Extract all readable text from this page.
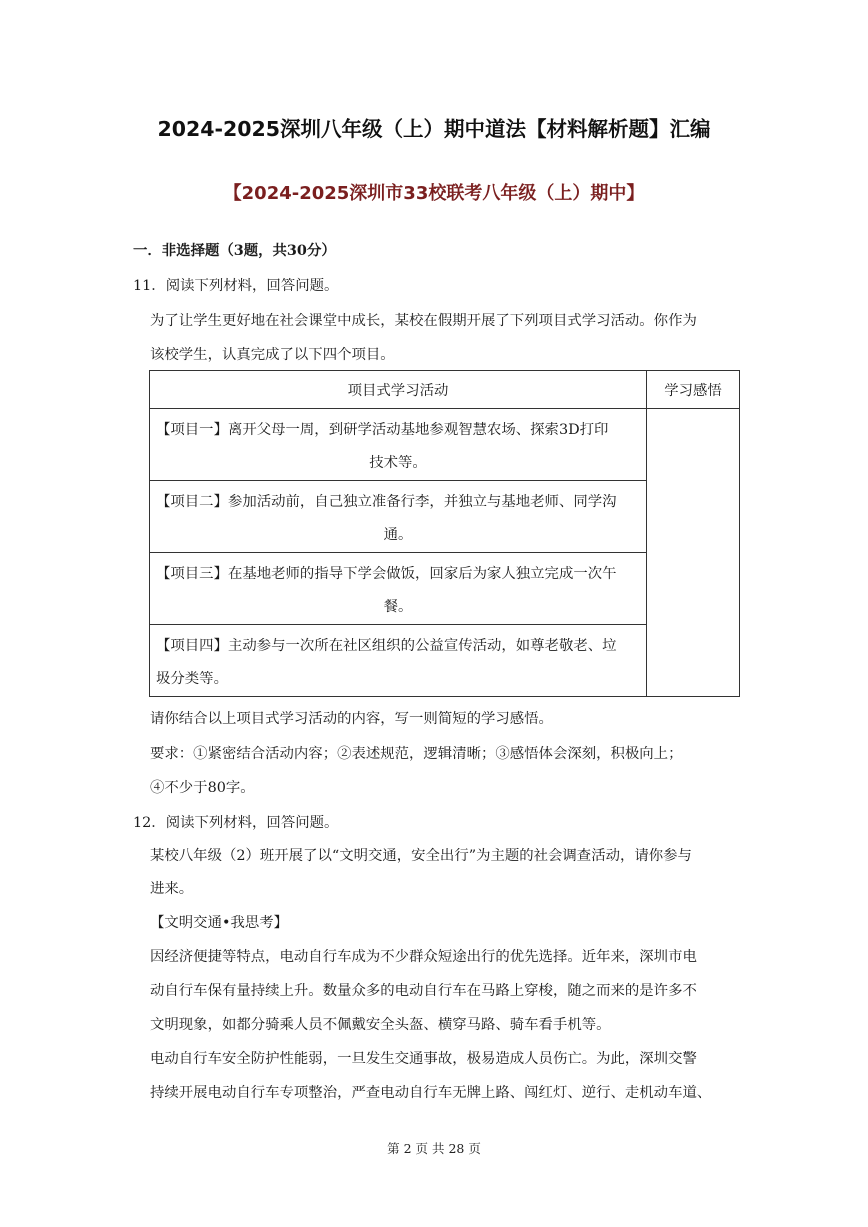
2024-2025深圳八年级（上）期中道法【材料解析题】汇编
【2024-2025深圳市33校联考八年级（上）期中】
一．非选择题（3题，共30分）
11．阅读下列材料，回答问题。
为了让学生更好地在社会课堂中成长，某校在假期开展了下列项目式学习活动。你作为
该校学生，认真完成了以下四个项目。
项目式学习活动	学习感悟

【项目一】离开父母一周，到研学活动基地参观智慧农场、探索3D打印
技术等。	

【项目二】参加活动前，自己独立准备行李，并独立与基地老师、同学沟
通。	

【项目三】在基地老师的指导下学会做饭，回家后为家人独立完成一次午
餐。	

【项目四】主动参与一次所在社区组织的公益宣传活动，如尊老敬老、垃
圾分类等。	
请你结合以上项目式学习活动的内容，写一则简短的学习感悟。
要求：①紧密结合活动内容；②表述规范，逻辑清晰；③感悟体会深刻，积极向上；
④不少于80字。
12．阅读下列材料，回答问题。
某校八年级（2）班开展了以“文明交通，安全出行”为主题的社会调查活动，请你参与
进来。
【文明交通•我思考】
因经济便捷等特点，电动自行车成为不少群众短途出行的优先选择。近年来，深圳市电
动自行车保有量持续上升。数量众多的电动自行车在马路上穿梭，随之而来的是许多不
文明现象，如都分骑乘人员不佩戴安全头盔、横穿马路、骑车看手机等。
电动自行车安全防护性能弱，一旦发生交通事故，极易造成人员伤亡。为此，深圳交警
持续开展电动自行车专项整治，严查电动自行车无牌上路、闯红灯、逆行、走机动车道、
第 2 页 共 28 页
